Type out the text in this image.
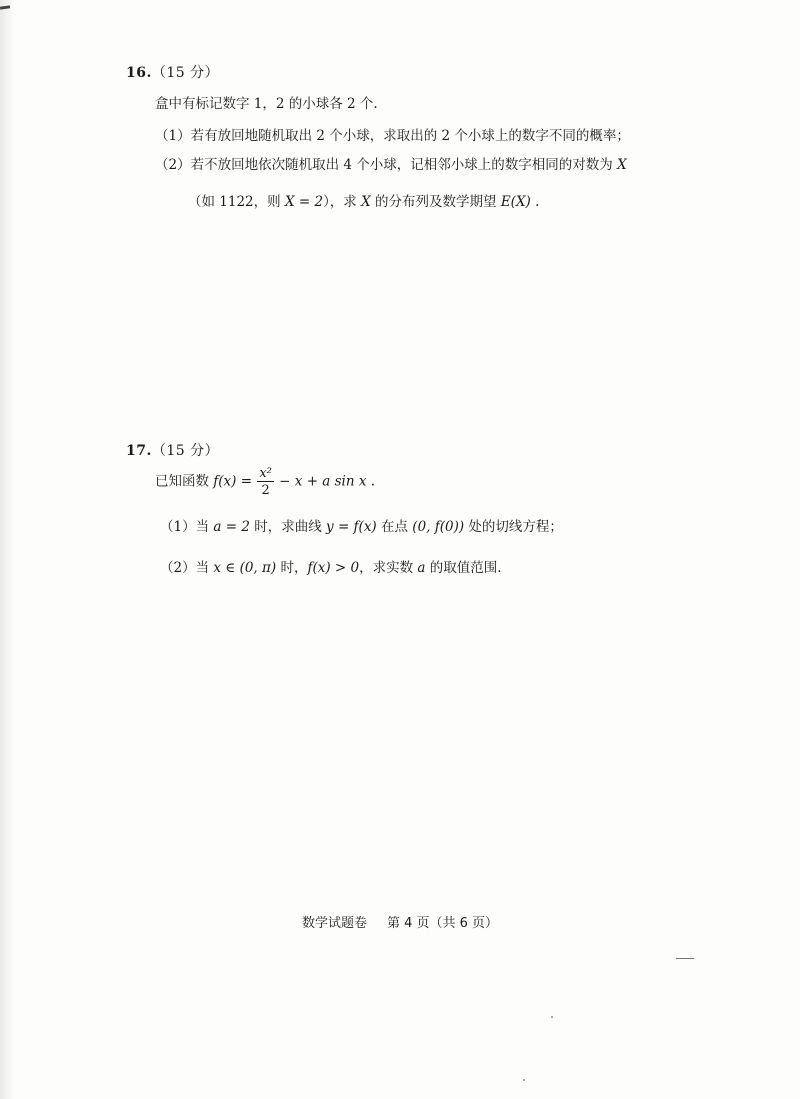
16.（15 分）
盒中有标记数字 1，2 的小球各 2 个.
（1）若有放回地随机取出 2 个小球，求取出的 2 个小球上的数字不同的概率；
（2）若不放回地依次随机取出 4 个小球，记相邻小球上的数字相同的对数为 X
（如 1122，则 X = 2），求 X 的分布列及数学期望 E(X) .
17.（15 分）
已知函数 $f(x) = \frac{\text{x²}}{2} - x + a$ sin x .
（1）当 a = 2 时，求曲线 y = f(x) 在点 (0, f(0)) 处的切线方程；
（2）当 x ∈ (0, π) 时，f(x) > 0，求实数 a 的取值范围.
数学试题卷 第 4 页（共 6 页）
